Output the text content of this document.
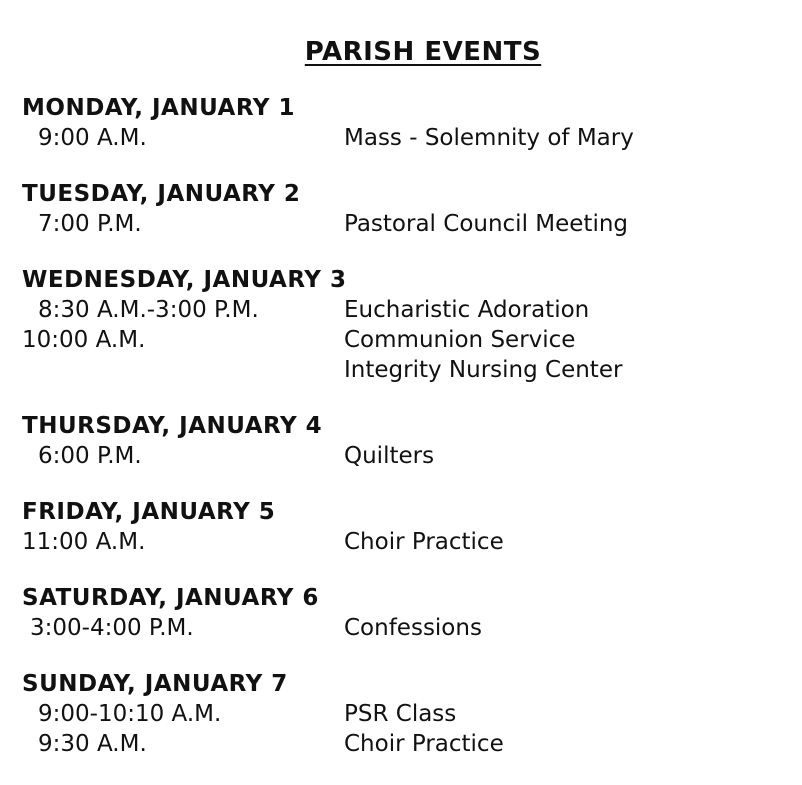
PARISH EVENTS
MONDAY, JANUARY 1
9:00 A.M.	Mass - Solemnity of Mary
TUESDAY, JANUARY 2
7:00 P.M.	Pastoral Council Meeting
WEDNESDAY, JANUARY 3
8:30 A.M.-3:00 P.M.	Eucharistic Adoration
10:00 A.M.	Communion Service
Integrity Nursing Center
THURSDAY, JANUARY 4
6:00 P.M.	Quilters
FRIDAY, JANUARY 5
11:00 A.M.	Choir Practice
SATURDAY, JANUARY 6
3:00-4:00 P.M.	Confessions
SUNDAY, JANUARY 7
9:00-10:10 A.M.	PSR Class
9:30 A.M.	Choir Practice
